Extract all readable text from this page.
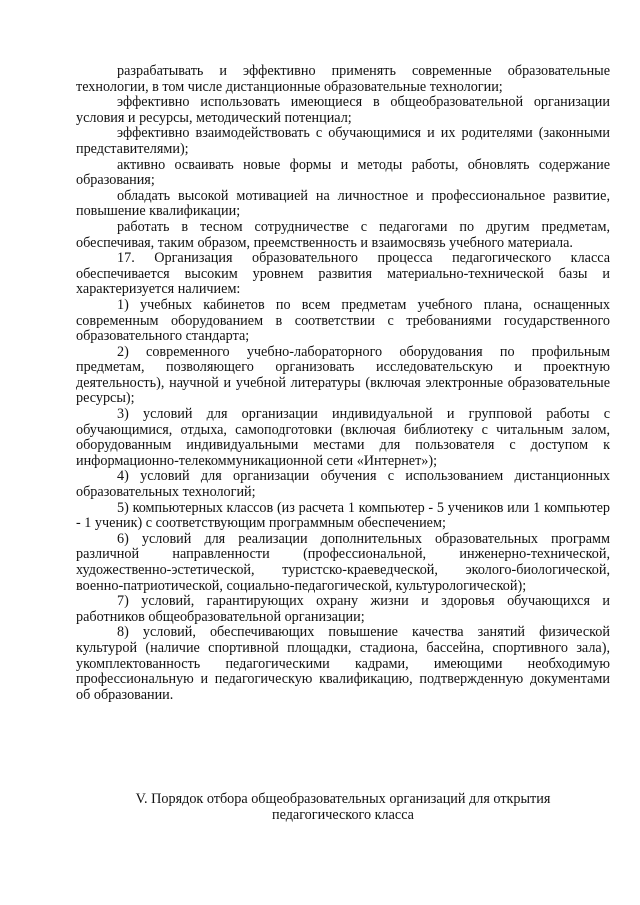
разрабатывать и эффективно применять современные образовательные технологии, в том числе дистанционные образовательные технологии;

эффективно использовать имеющиеся в общеобразовательной организации условия и ресурсы, методический потенциал;

эффективно взаимодействовать с обучающимися и их родителями (законными представителями);

активно осваивать новые формы и методы работы, обновлять содержание образования;

обладать высокой мотивацией на личностное и профессиональное развитие, повышение квалификации;

работать в тесном сотрудничестве с педагогами по другим предметам, обеспечивая, таким образом, преемственность и взаимосвязь учебного материала.

17. Организация образовательного процесса педагогического класса обеспечивается высоким уровнем развития материально-технической базы и характеризуется наличием:

1) учебных кабинетов по всем предметам учебного плана, оснащенных современным оборудованием в соответствии с требованиями государственного образовательного стандарта;

2) современного учебно-лабораторного оборудования по профильным предметам, позволяющего организовать исследовательскую и проектную деятельность), научной и учебной литературы (включая электронные образовательные ресурсы);

3) условий для организации индивидуальной и групповой работы с обучающимися, отдыха, самоподготовки (включая библиотеку с читальным залом, оборудованным индивидуальными местами для пользователя с доступом к информационно-телекоммуникационной сети «Интернет»);

4) условий для организации обучения с использованием дистанционных образовательных технологий;

5) компьютерных классов (из расчета 1 компьютер - 5 учеников или 1 компьютер - 1 ученик) с соответствующим программным обеспечением;

6) условий для реализации дополнительных образовательных программ различной направленности (профессиональной, инженерно-технической, художественно-эстетической, туристско-краеведческой, эколого-биологической, военно-патриотической, социально-педагогической, культурологической);

7) условий, гарантирующих охрану жизни и здоровья обучающихся и работников общеобразовательной организации;

8) условий, обеспечивающих повышение качества занятий физической культурой (наличие спортивной площадки, стадиона, бассейна, спортивного зала), укомплектованность педагогическими кадрами, имеющими необходимую профессиональную и педагогическую квалификацию, подтвержденную документами об образовании.

V. Порядок отбора общеобразовательных организаций для открытия
педагогического класса
